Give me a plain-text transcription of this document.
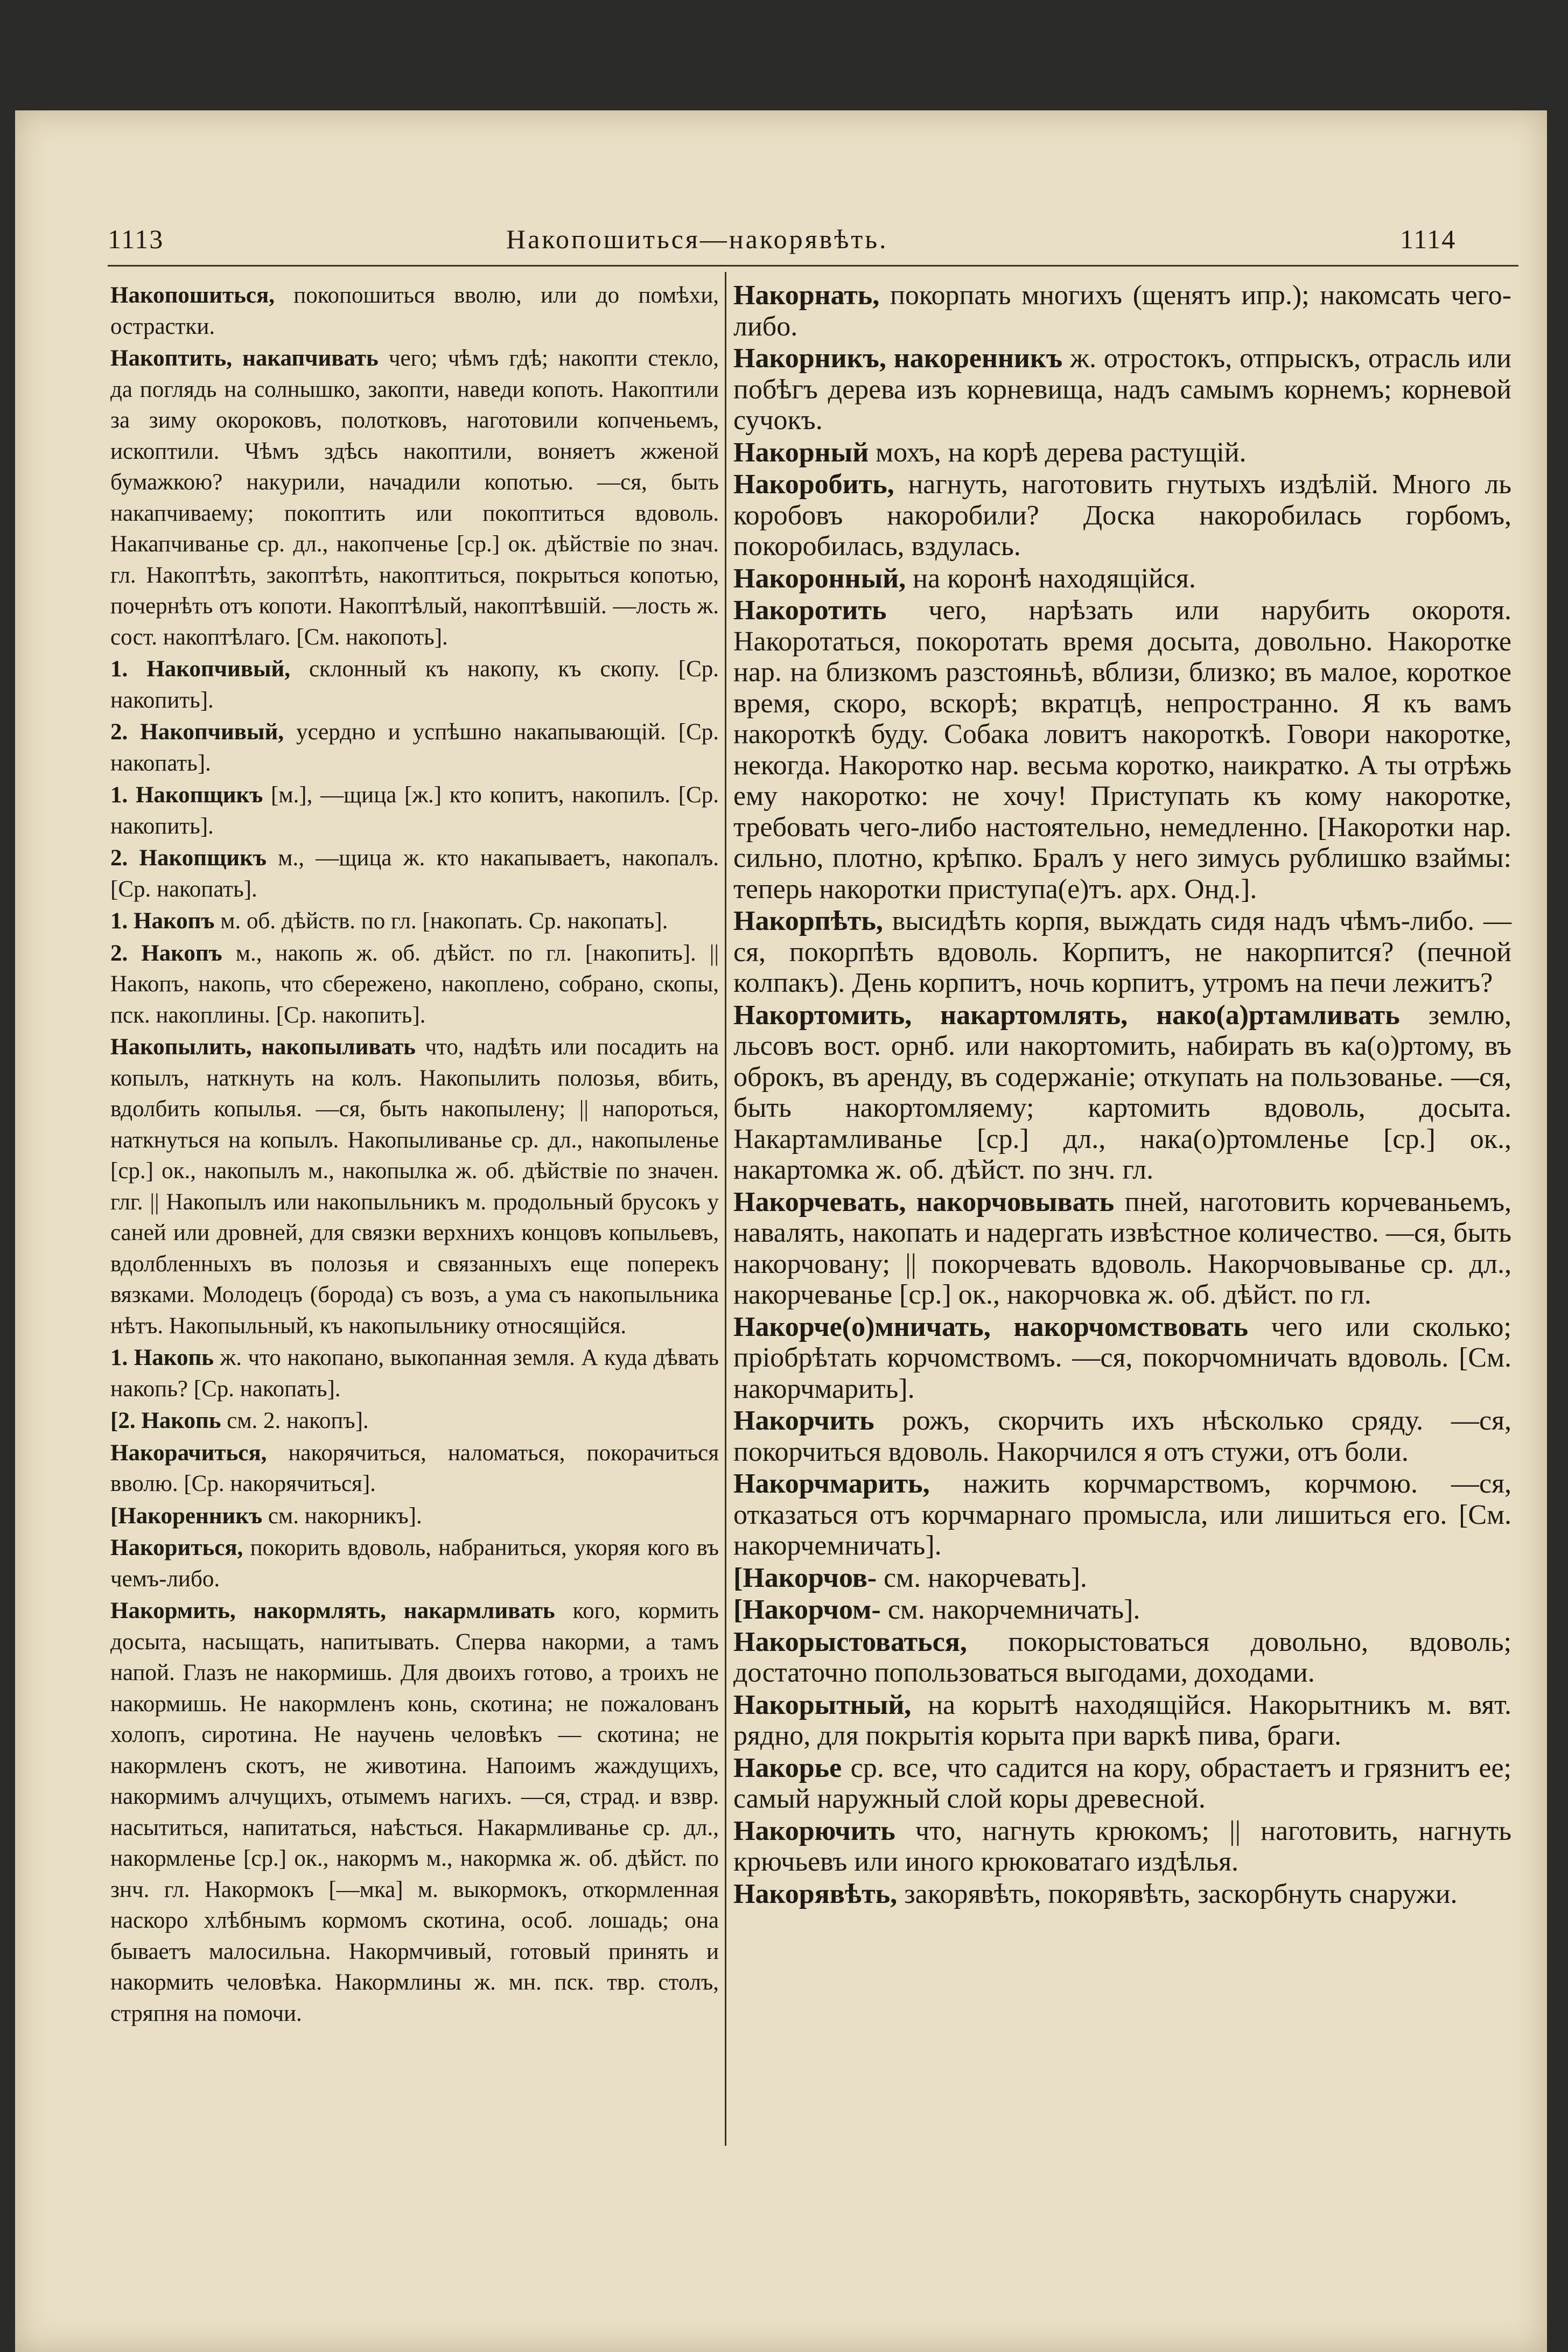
1113	Накопошиться—накорявѣть.	1114

Накопошиться, покопошиться вволю, или до помѣхи, острастки.

Накоптить, накапчивать чего; чѣмъ гдѣ; накопти стекло, да поглядь на солнышко, закопти, наведи копоть. Накоптили за зиму окороковъ, полотковъ, наготовили копченьемъ, ископтили. Чѣмъ здѣсь накоптили, воняетъ жженой бумажкою? накурили, начадили копотью. —ся, быть накапчиваему; покоптить или покоптиться вдоволь. Накапчиванье ср. дл., накопченье [ср.] ок. дѣйствіе по знач. гл. Накоптѣть, закоптѣть, накоптиться, покрыться копотью, почернѣть отъ копоти. Накоптѣлый, накоптѣвшій. —лость ж. сост. накоптѣлаго. [См. накопоть].

1. Накопчивый, склонный къ накопу, къ скопу. [Ср. накопить].

2. Накопчивый, усердно и успѣшно накапывающій. [Ср. накопать].

1. Накопщикъ [м.], —щица [ж.] кто копитъ, накопилъ. [Ср. накопить].

2. Накопщикъ м., —щица ж. кто накапываетъ, накопалъ. [Ср. накопать].

1. Накопъ м. об. дѣйств. по гл. [накопать. Ср. накопать].

2. Накопъ м., накопь ж. об. дѣйст. по гл. [накопить]. || Накопъ, накопь, что сбережено, накоплено, собрано, скопы, пск. накоплины. [Ср. накопить].

Накопылить, накопыливать что, надѣть или посадить на копылъ, наткнуть на колъ. Накопылить полозья, вбить, вдолбить копылья. —ся, быть накопылену; || напороться, наткнуться на копылъ. Накопыливанье ср. дл., накопыленье [ср.] ок., накопылъ м., накопылка ж. об. дѣйствіе по значен. глг. || Накопылъ или накопыльникъ м. продольный брусокъ у саней или дровней, для связки верхнихъ концовъ копыльевъ, вдолбленныхъ въ полозья и связанныхъ еще поперекъ вязками. Молодецъ (борода) съ возъ, а ума съ накопыльника нѣтъ. Накопыльный, къ накопыльнику относящійся.

1. Накопь ж. что накопано, выкопанная земля. А куда дѣвать накопь? [Ср. накопать].

[2. Накопь см. 2. накопъ].

Накорачиться, накорячиться, наломаться, покорачиться вволю. [Ср. накорячиться].

[Накоренникъ см. накорникъ].

Накориться, покорить вдоволь, набраниться, укоряя кого въ чемъ-либо.

Накормить, накормлять, накармливать кого, кормить досыта, насыщать, напитывать. Сперва накорми, а тамъ напой. Глазъ не накормишь. Для двоихъ готово, а троихъ не накормишь. Не накормленъ конь, скотина; не пожалованъ холопъ, сиротина. Не научень человѣкъ — скотина; не накормленъ скотъ, не животина. Напоимъ жаждущихъ, накормимъ алчущихъ, отымемъ нагихъ. —ся, страд. и взвр. насытиться, напитаться, наѣсться. Накармливанье ср. дл., накормленье [ср.] ок., накормъ м., накормка ж. об. дѣйст. по знч. гл. Накормокъ [—мка] м. выкормокъ, откормленная наскоро хлѣбнымъ кормомъ скотина, особ. лошадь; она бываетъ малосильна. Накормчивый, готовый принять и накормить человѣка. Накормлины ж. мн. пск. твр. столъ, стряпня на помочи.

Накорнать, покорпать многихъ (щенятъ ипр.); накомсать чего-либо.

Накорникъ, накоренникъ ж. отростокъ, отпрыскъ, отрасль или побѣгъ дерева изъ корневища, надъ самымъ корнемъ; корневой сучокъ.

Накорный мохъ, на корѣ дерева растущій.

Накоробить, нагнуть, наготовить гнутыхъ издѣлій. Много ль коробовъ накоробили? Доска накоробилась горбомъ, покоробилась, вздулась.

Накоронный, на коронѣ находящійся.

Накоротить чего, нарѣзать или нарубить окоротя. Накоротаться, покоротать время досыта, довольно. Накоротке нар. на близкомъ разстояньѣ, вблизи, близко; въ малое, короткое время, скоро, вскорѣ; вкратцѣ, непространно. Я къ вамъ накороткѣ буду. Собака ловитъ накороткѣ. Говори накоротке, некогда. Накоротко нар. весьма коротко, наикратко. А ты отрѣжь ему накоротко: не хочу! Приступать къ кому накоротке, требовать чего-либо настоятельно, немедленно. [Накоротки нар. сильно, плотно, крѣпко. Бралъ у него зимусь рублишко взаймы: теперь накоротки приступа(е)тъ. арх. Онд.].

Накорпѣть, высидѣть корпя, выждать сидя надъ чѣмъ-либо. —ся, покорпѣть вдоволь. Корпитъ, не накорпится? (печной колпакъ). День корпитъ, ночь корпитъ, утромъ на печи лежитъ?

Накортомить, накартомлять, нако(а)ртамливать землю, льсовъ вост. орнб. или накортомить, набирать въ ка(о)ртому, въ оброкъ, въ аренду, въ содержаніе; откупать на пользованье. —ся, быть накортомляему; картомить вдоволь, досыта. Накартамливанье [ср.] дл., нака(о)ртомленье [ср.] ок., накартомка ж. об. дѣйст. по знч. гл.

Накорчевать, накорчовывать пней, наготовить корчеваньемъ, навалять, накопать и надергать извѣстное количество. —ся, быть накорчовану; || покорчевать вдоволь. Накорчовыванье ср. дл., накорчеванье [ср.] ок., накорчовка ж. об. дѣйст. по гл.

Накорче(о)мничать, накорчомствовать чего или сколько; пріобрѣтать корчомствомъ. —ся, покорчомничать вдоволь. [См. накорчмарить].

Накорчить рожъ, скорчить ихъ нѣсколько сряду. —ся, покорчиться вдоволь. Накорчился я отъ стужи, отъ боли.

Накорчмарить, нажить корчмарствомъ, корчмою. —ся, отказаться отъ корчмарнаго промысла, или лишиться его. [См. накорчемничать].

[Накорчов- см. накорчевать].

[Накорчом- см. накорчемничать].

Накорыстоваться, покорыстоваться довольно, вдоволь; достаточно попользоваться выгодами, доходами.

Накорытный, на корытѣ находящійся. Накорытникъ м. вят. рядно, для покрытія корыта при варкѣ пива, браги.

Накорье ср. все, что садится на кору, обрастаетъ и грязнитъ ее; самый наружный слой коры древесной.

Накорючить что, нагнуть крюкомъ; || наготовить, нагнуть крючьевъ или иного крюковатаго издѣлья.

Накорявѣть, закорявѣть, покорявѣть, заскорбнуть снаружи.
